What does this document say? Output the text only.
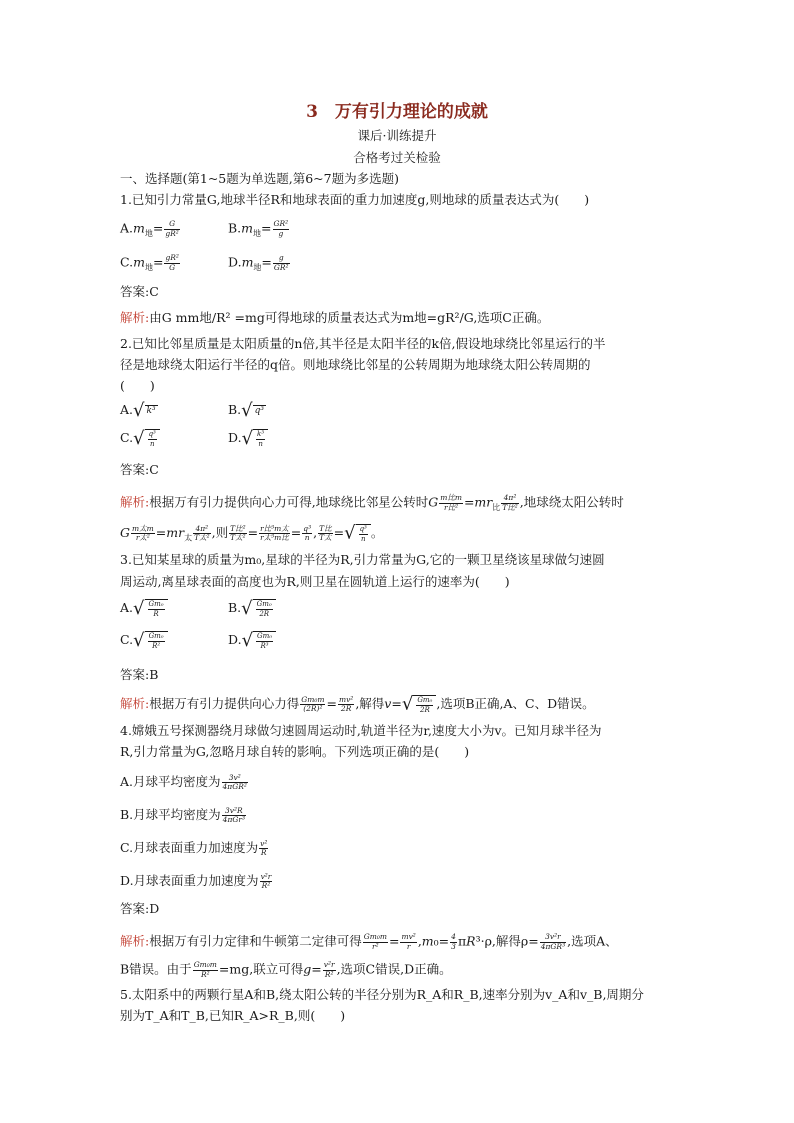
3　万有引力理论的成就
课后·训练提升
合格考过关检验
一、选择题(第1~5题为单选题,第6~7题为多选题)
1.已知引力常量G,地球半径R和地球表面的重力加速度g,则地球的质量表达式为(　　)
$A.m_地= \frac{G}{\text{gR²}}$	$B.m_地= \frac{\text{GR²}}{g}$
$C.m_地= \frac{\text{gR²}}{G}$	$D.m_地= \frac{g}{\text{GR²}}$
答案:C
解析:由G mm地/R² =mg可得地球的质量表达式为m地=gR²/G,选项C正确。
2.已知比邻星质量是太阳质量的n倍,其半径是太阳半径的k倍,假设地球绕比邻星运行的半
径是地球绕太阳运行半径的q倍。则地球绕比邻星的公转周期为地球绕太阳公转周期的
(　　)
A.√ k³	B.√ q³
$C.√ \frac{\text{q³}}{n}$	$D.√ \frac{\text{k³}}{n}$
答案:C
解析:根据万有引力提供向心力可得,地球绕比邻星公转时G $\frac{\text{m比m}}{\text{r比²}} =mr_比 \frac{\text{4π²}}{\text{T比²}}$ ,地球绕太阳公转时
G $\frac{\text{m太m}}{\text{r太²}} =mr_太 \frac{\text{4π²}}{\text{T太²}}$ ,则 $\frac{\text{T比²}}{\text{T太²}} = \frac{\text{r比³m太}}{\text{r太³m比}} = \frac{\text{q³}}{n}$ , $\frac{\text{T比}}{\text{T太}}$ =√ $\frac{\text{q³}}{n}$ 。
3.已知某星球的质量为m₀,星球的半径为R,引力常量为G,它的一颗卫星绕该星球做匀速圆
周运动,离星球表面的高度也为R,则卫星在圆轨道上运行的速率为(　　)
$A.√ \frac{\text{Gm₀}}{R}$	$B.√ \frac{\text{Gm₀}}{2R}$
$C.√ \frac{\text{Gm₀}}{\text{R²}}$	$D.√ \frac{\text{Gm₀}}{\text{R³}}$
答案:B
解析:根据万有引力提供向心力得 $\frac{\text{Gm₀m}}{\text{(2R)²}} = \frac{\text{mv²}}{2R}$ ,解得$v=√ \frac{\text{Gm₀}}{2R}$ ,选项B正确,A、C、D错误。
4.嫦娥五号探测器绕月球做匀速圆周运动时,轨道半径为r,速度大小为v。已知月球半径为
R,引力常量为G,忽略月球自转的影响。下列选项正确的是(　　)
A.月球平均密度为 $\frac{\text{3v²}}{\text{4πGR²}}$
B.月球平均密度为 $\frac{\text{3v²R}}{\text{4πGr³}}$
C.月球表面重力加速度为 $\frac{\text{v²}}{R}$
D.月球表面重力加速度为 $\frac{\text{v²r}}{\text{R²}}$
答案:D
解析:根据万有引力定律和牛顿第二定律可得 $\frac{\text{Gm₀m}}{\text{r²}} = \frac{\text{mv²}}{r} ,m_0= \frac{4}{3} \pi R^3\cdot\rho$,解得$\rho= \frac{\text{3v²r}}{\text{4πGR³}}$ ,选项A、
B错误。由于 $\frac{\text{Gm₀m}}{\text{R²}} =mg$,联立可得$g= \frac{\text{v²r}}{\text{R²}}$ ,选项C错误,D正确。
5.太阳系中的两颗行星A和B,绕太阳公转的半径分别为R_A和R_B,速率分别为v_A和v_B,周期分
别为T_A和T_B,已知R_A>R_B,则(　　)
